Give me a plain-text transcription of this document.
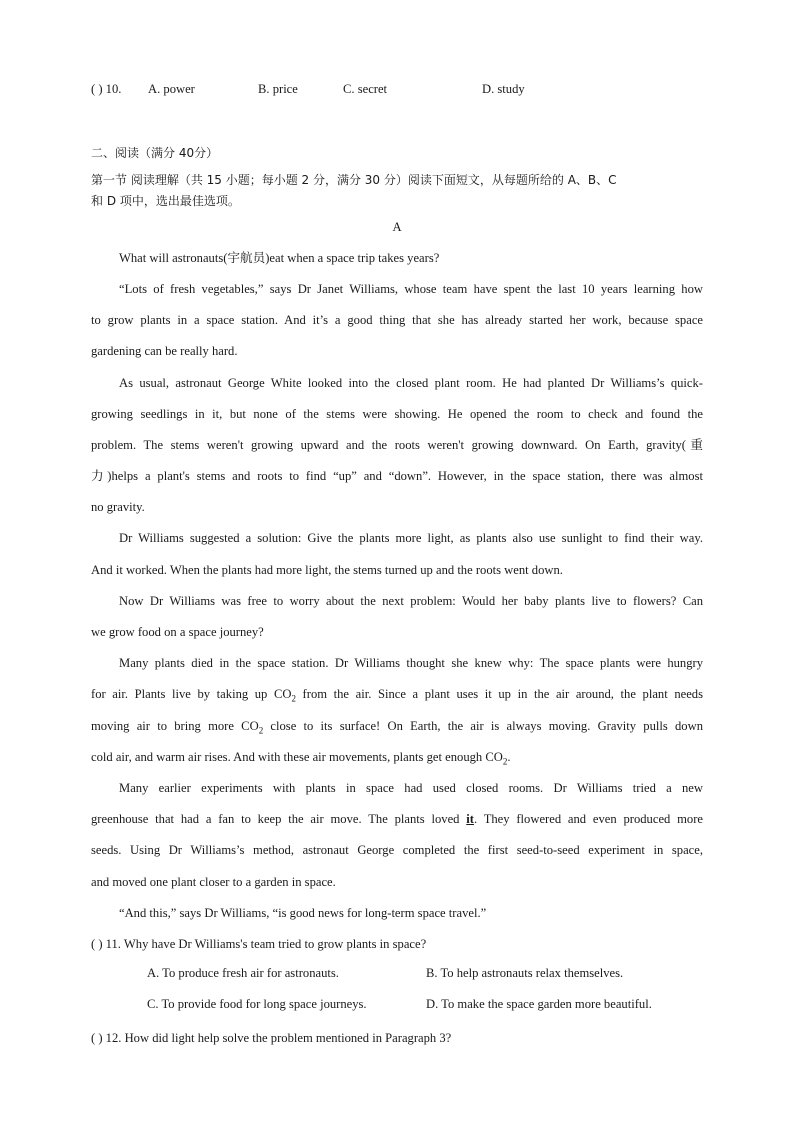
( ) 10. A. power	B. price	C. secret	D. study
二、阅读（满分 40分）
第一节 阅读理解（共 15 小题；每小题 2 分，满分 30 分）阅读下面短文，从每题所给的 A、B、C
和 D 项中，选出最佳选项。
A
What will astronauts(宇航员)eat when a space trip takes years?
“Lots of fresh vegetables,” says Dr Janet Williams, whose team have spent the last 10 years learning how
to grow plants in a space station. And it’s a good thing that she has already started her work, because space
gardening can be really hard.
As usual, astronaut George White looked into the closed plant room. He had planted Dr Williams’s quick-
growing seedlings in it, but none of the stems were showing. He opened the room to check and found the
problem. The stems weren't growing upward and the roots weren't growing downward. On Earth, gravity(重
力)helps a plant's stems and roots to find “up” and “down”. However, in the space station, there was almost
no gravity.
Dr Williams suggested a solution: Give the plants more light, as plants also use sunlight to find their way.
And it worked. When the plants had more light, the stems turned up and the roots went down.
Now Dr Williams was free to worry about the next problem: Would her baby plants live to flowers? Can
we grow food on a space journey?
Many plants died in the space station. Dr Williams thought she knew why: The space plants were hungry
for air. Plants live by taking up $CO_2$ from the air. Since a plant uses it up in the air around, the plant needs
moving air to bring more $CO_2$ close to its surface! On Earth, the air is always moving. Gravity pulls down
cold air, and warm air rises. And with these air movements, plants get enough $CO_2$.
Many earlier experiments with plants in space had used closed rooms. Dr Williams tried a new
greenhouse that had a fan to keep the air move. The plants loved it. They flowered and even produced more
seeds. Using Dr Williams’s method, astronaut George completed the first seed-to-seed experiment in space,
and moved one plant closer to a garden in space.
“And this,” says Dr Williams, “is good news for long-term space travel.”
( ) 11. Why have Dr Williams's team tried to grow plants in space?
A. To produce fresh air for astronauts.	B. To help astronauts relax themselves.
C. To provide food for long space journeys.	D. To make the space garden more beautiful.
( ) 12. How did light help solve the problem mentioned in Paragraph 3?
